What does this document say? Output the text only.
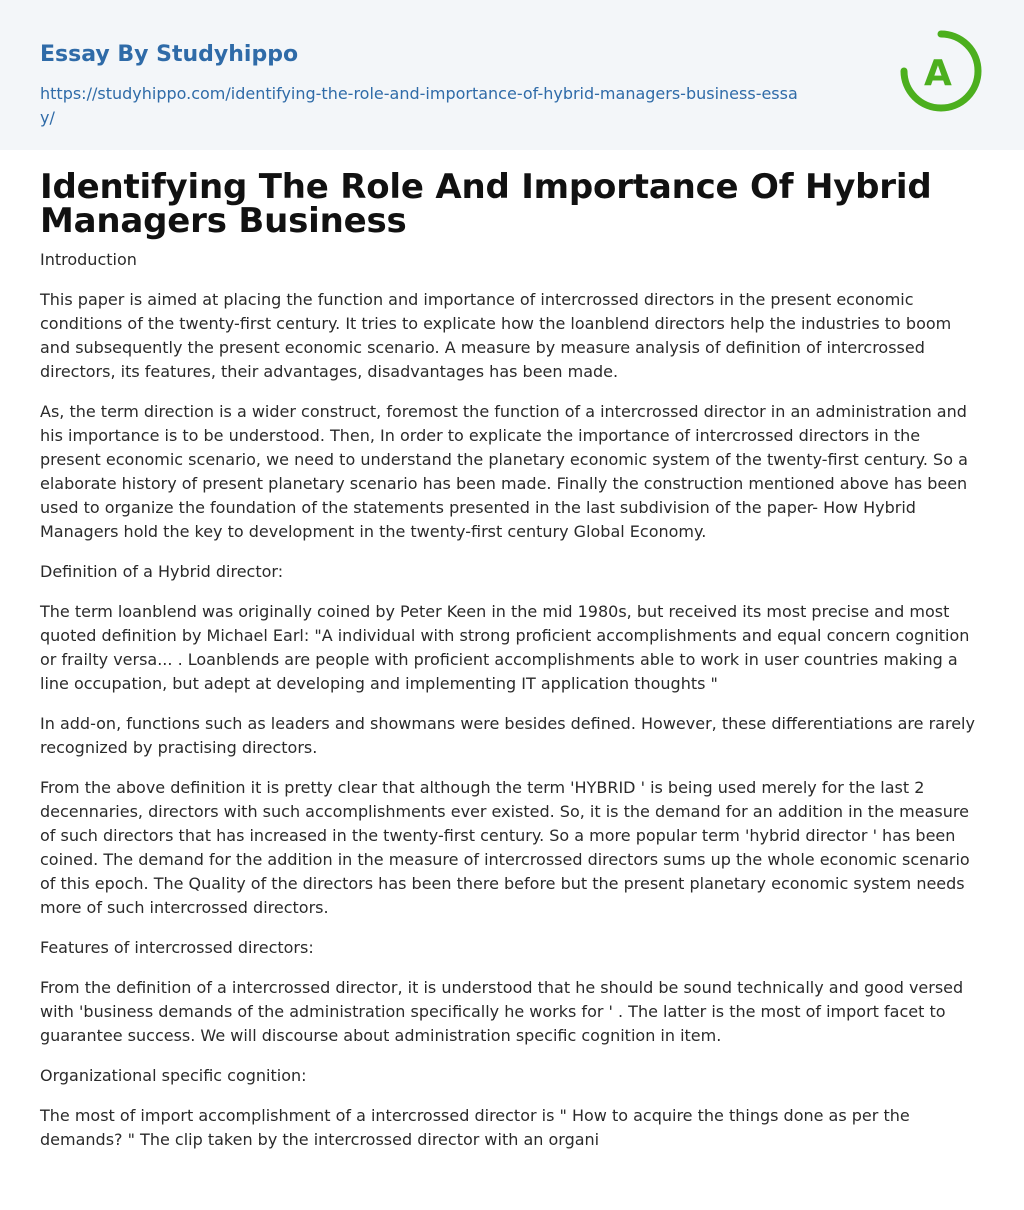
Essay By Studyhippo
https://studyhippo.com/identifying-the-role-and-importance-of-hybrid-managers-business-essay/
A
Identifying The Role And Importance Of Hybrid Managers Business

Introduction

This paper is aimed at placing the function and importance of intercrossed directors in the present economic conditions of the twenty-first century. It tries to explicate how the loanblend directors help the industries to boom and subsequently the present economic scenario. A measure by measure analysis of definition of intercrossed directors, its features, their advantages, disadvantages has been made.

As, the term direction is a wider construct, foremost the function of a intercrossed director in an administration and his importance is to be understood. Then, In order to explicate the importance of intercrossed directors in the present economic scenario, we need to understand the planetary economic system of the twenty-first century. So a elaborate history of present planetary scenario has been made. Finally the construction mentioned above has been used to organize the foundation of the statements presented in the last subdivision of the paper- How Hybrid Managers hold the key to development in the twenty-first century Global Economy.

Definition of a Hybrid director:

The term loanblend was originally coined by Peter Keen in the mid 1980s, but received its most precise and most quoted definition by Michael Earl: "A individual with strong proficient accomplishments and equal concern cognition or frailty versa... . Loanblends are people with proficient accomplishments able to work in user countries making a line occupation, but adept at developing and implementing IT application thoughts "

In add-on, functions such as leaders and showmans were besides defined. However, these differentiations are rarely recognized by practising directors.

From the above definition it is pretty clear that although the term 'HYBRID ' is being used merely for the last 2 decennaries, directors with such accomplishments ever existed. So, it is the demand for an addition in the measure of such directors that has increased in the twenty-first century. So a more popular term 'hybrid director ' has been coined. The demand for the addition in the measure of intercrossed directors sums up the whole economic scenario of this epoch. The Quality of the directors has been there before but the present planetary economic system needs more of such intercrossed directors.

Features of intercrossed directors:

From the definition of a intercrossed director, it is understood that he should be sound technically and good versed with 'business demands of the administration specifically he works for ' . The latter is the most of import facet to guarantee success. We will discourse about administration specific cognition in item.

Organizational specific cognition:

The most of import accomplishment of a intercrossed director is " How to acquire the things done as per the demands? " The clip taken by the intercrossed director with an organi
